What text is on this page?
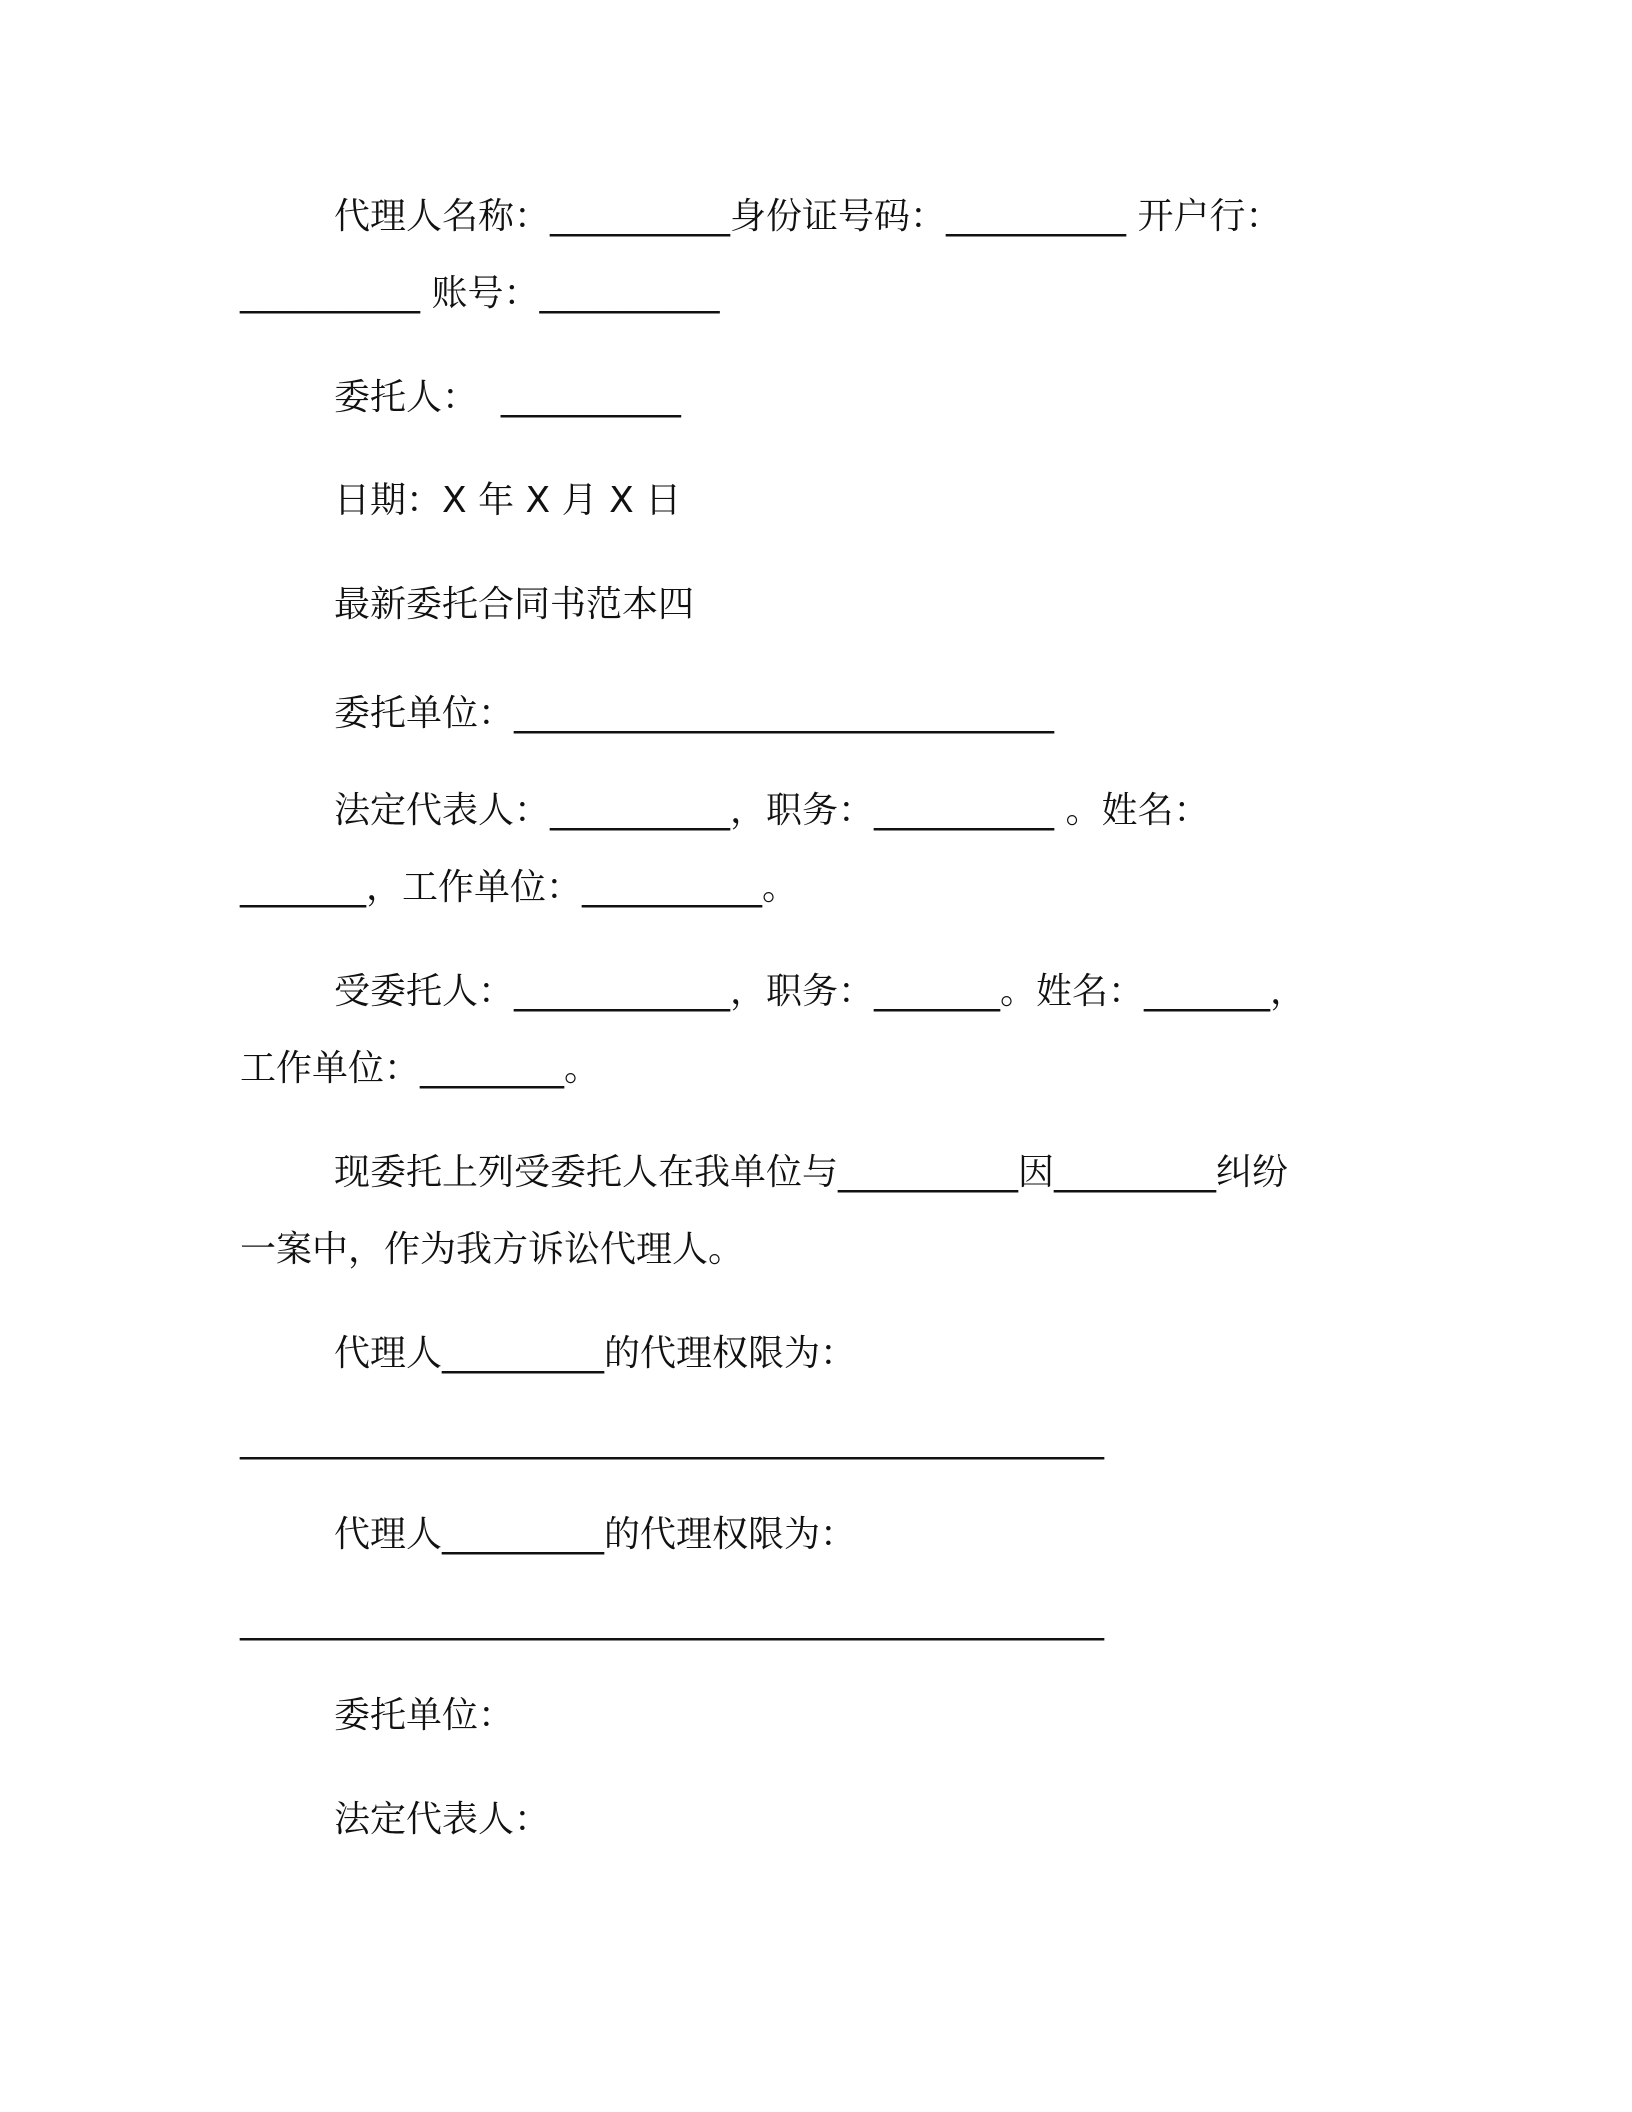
代理人名称：__________身份证号码：__________ 开户行：
__________ 账号：__________
委托人：  __________
日期：X 年 X 月 X 日
最新委托合同书范本四
委托单位：______________________________
法定代表人：__________，职务：__________ 。姓名：
_______，工作单位：__________。
受委托人：____________，职务：_______。姓名：_______，
工作单位：________。
现委托上列受委托人在我单位与__________因_________纠纷
一案中，作为我方诉讼代理人。
代理人_________的代理权限为：
________________________________________________
代理人_________的代理权限为：
________________________________________________
委托单位：
法定代表人：
